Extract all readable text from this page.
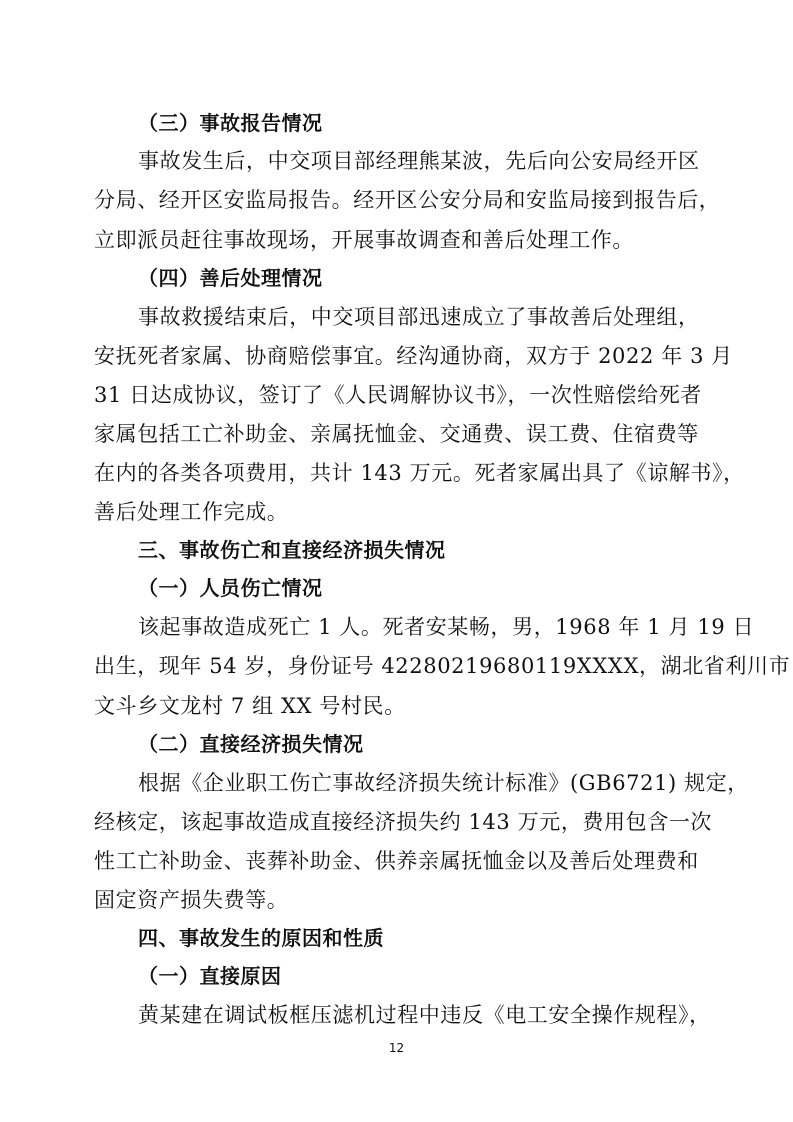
（三）事故报告情况
事故发生后，中交项目部经理熊某波，先后向公安局经开区
分局、经开区安监局报告。经开区公安分局和安监局接到报告后，
立即派员赶往事故现场，开展事故调查和善后处理工作。
（四）善后处理情况
事故救援结束后，中交项目部迅速成立了事故善后处理组，
安抚死者家属、协商赔偿事宜。经沟通协商，双方于 2022 年 3 月
31 日达成协议，签订了《人民调解协议书》，一次性赔偿给死者
家属包括工亡补助金、亲属抚恤金、交通费、误工费、住宿费等
在内的各类各项费用，共计 143 万元。死者家属出具了《谅解书》，
善后处理工作完成。
三、事故伤亡和直接经济损失情况
（一）人员伤亡情况
该起事故造成死亡 1 人。死者安某畅，男，1968 年 1 月 19 日
出生，现年 54 岁，身份证号 42280219680119XXXX，湖北省利川市
文斗乡文龙村 7 组 XX 号村民。
（二）直接经济损失情况
根据《企业职工伤亡事故经济损失统计标准》(GB6721) 规定，
经核定，该起事故造成直接经济损失约 143 万元，费用包含一次
性工亡补助金、丧葬补助金、供养亲属抚恤金以及善后处理费和
固定资产损失费等。
四、事故发生的原因和性质
（一）直接原因
黄某建在调试板框压滤机过程中违反《电工安全操作规程》，
12
